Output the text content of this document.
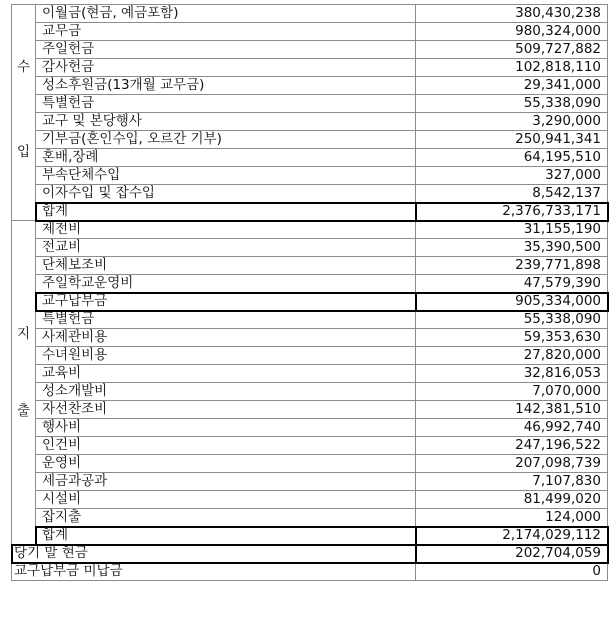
수
입	이월금(현금, 예금포함)	380,430,238
	교무금	980,324,000
	주일헌금	509,727,882
	감사헌금	102,818,110
	성소후원금(13개월 교무금)	29,341,000
	특별헌금	55,338,090
	교구 및 본당행사	3,290,000
	기부금(혼인수입, 오르간 기부)	250,941,341
	혼배,장례	64,195,510
	부속단체수입	327,000
	이자수입 및 잡수입	8,542,137
	합계	2,376,733,171

지
출	제전비	31,155,190
	전교비	35,390,500
	단체보조비	239,771,898
	주일학교운영비	47,579,390
	교구납부금	905,334,000
	특별헌금	55,338,090
	사제관비용	59,353,630
	수녀원비용	27,820,000
	교육비	32,816,053
	성소개발비	7,070,000
	자선찬조비	142,381,510
	행사비	46,992,740
	인건비	247,196,522
	운영비	207,098,739
	세금과공과	7,107,830
	시설비	81,499,020
	잡지출	124,000
	합계	2,174,029,112
당기 말 현금		202,704,059
교구납부금 미납금		0
